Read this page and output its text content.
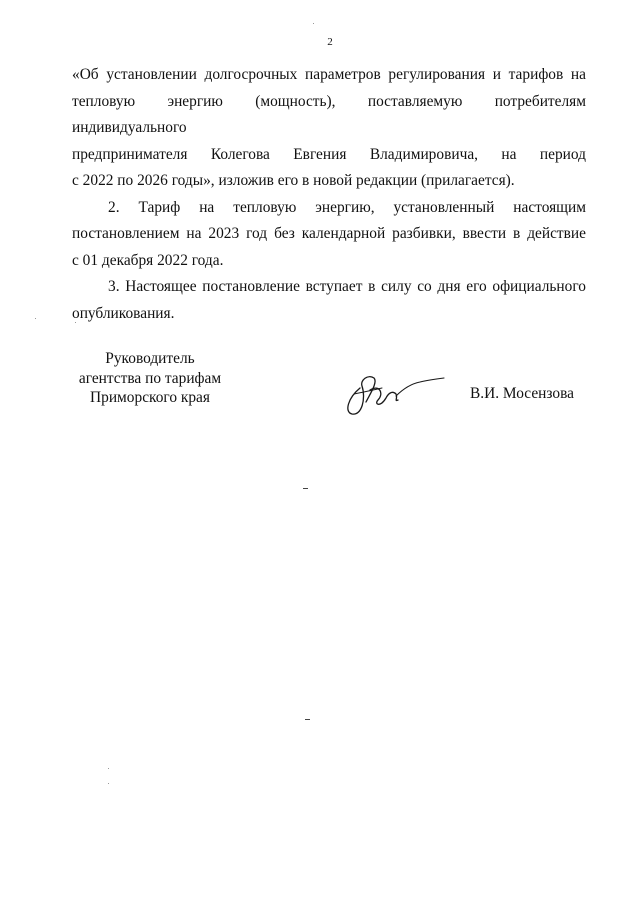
2

«Об установлении долгосрочных параметров регулирования и тарифов на

тепловую энергию (мощность), поставляемую потребителям индивидуального

предпринимателя Колегова Евгения Владимировича, на период

с 2022 по 2026 годы», изложив его в новой редакции (прилагается).

2. Тариф на тепловую энергию, установленный настоящим

постановлением на 2023 год без календарной разбивки, ввести в действие

с 01 декабря 2022 года.

3. Настоящее постановление вступает в силу со дня его официального

опубликования.

Руководитель
агентства по тарифам
Приморского края	В.И. Мосензова
